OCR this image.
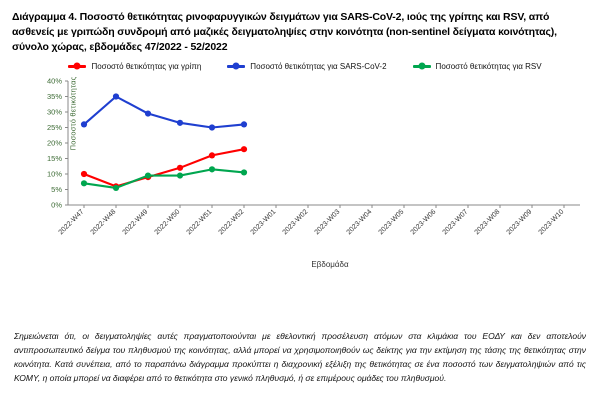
Διάγραμμα 4. Ποσοστό θετικότητας ρινοφαρυγγικών δειγμάτων για SARS-CoV-2, ιούς της γρίπης και RSV, από ασθενείς με γριπώδη συνδρομή από μαζικές δειγματοληψίες στην κοινότητα (non-sentinel δείγματα κοινότητας), σύνολο χώρας, εβδομάδες 47/2022 - 52/2022

Ποσοστό θετικότητας για γρίπη	Ποσοστό θετικότητας για SARS-CoV-2	Ποσοστό θετικότητας για RSV
Ποσοστό θετικότητας
0%
5%
10%
15%
20%
25%
30%
35%
40%
2022-W47 2022-W48 2022-W49 2022-W50 2022-W51 2022-W52 2023-W01 2023-W02 2023-W03 2023-W04 2023-W05 2023-W06 2023-W07 2023-W08 2023-W09 2023-W10
Εβδομάδα

Σημειώνεται ότι, οι δειγματοληψίες αυτές πραγματοποιούνται με εθελοντική προσέλευση ατόμων στα κλιμάκια του ΕΟΔΥ και δεν αποτελούν αντιπροσωπευτικό δείγμα του πληθυσμού της κοινότητας, αλλά μπορεί να χρησιμοποιηθούν ως δείκτης για την εκτίμηση της τάσης της θετικότητας στην κοινότητα. Κατά συνέπεια, από το παραπάνω διάγραμμα προκύπτει η διαχρονική εξέλιξη της θετικότητας σε ένα ποσοστό των δειγματοληψιών από τις ΚΟΜΥ, η οποία μπορεί να διαφέρει από το θετικότητα στο γενικό πληθυσμό, ή σε επιμέρους ομάδες του πληθυσμού.
